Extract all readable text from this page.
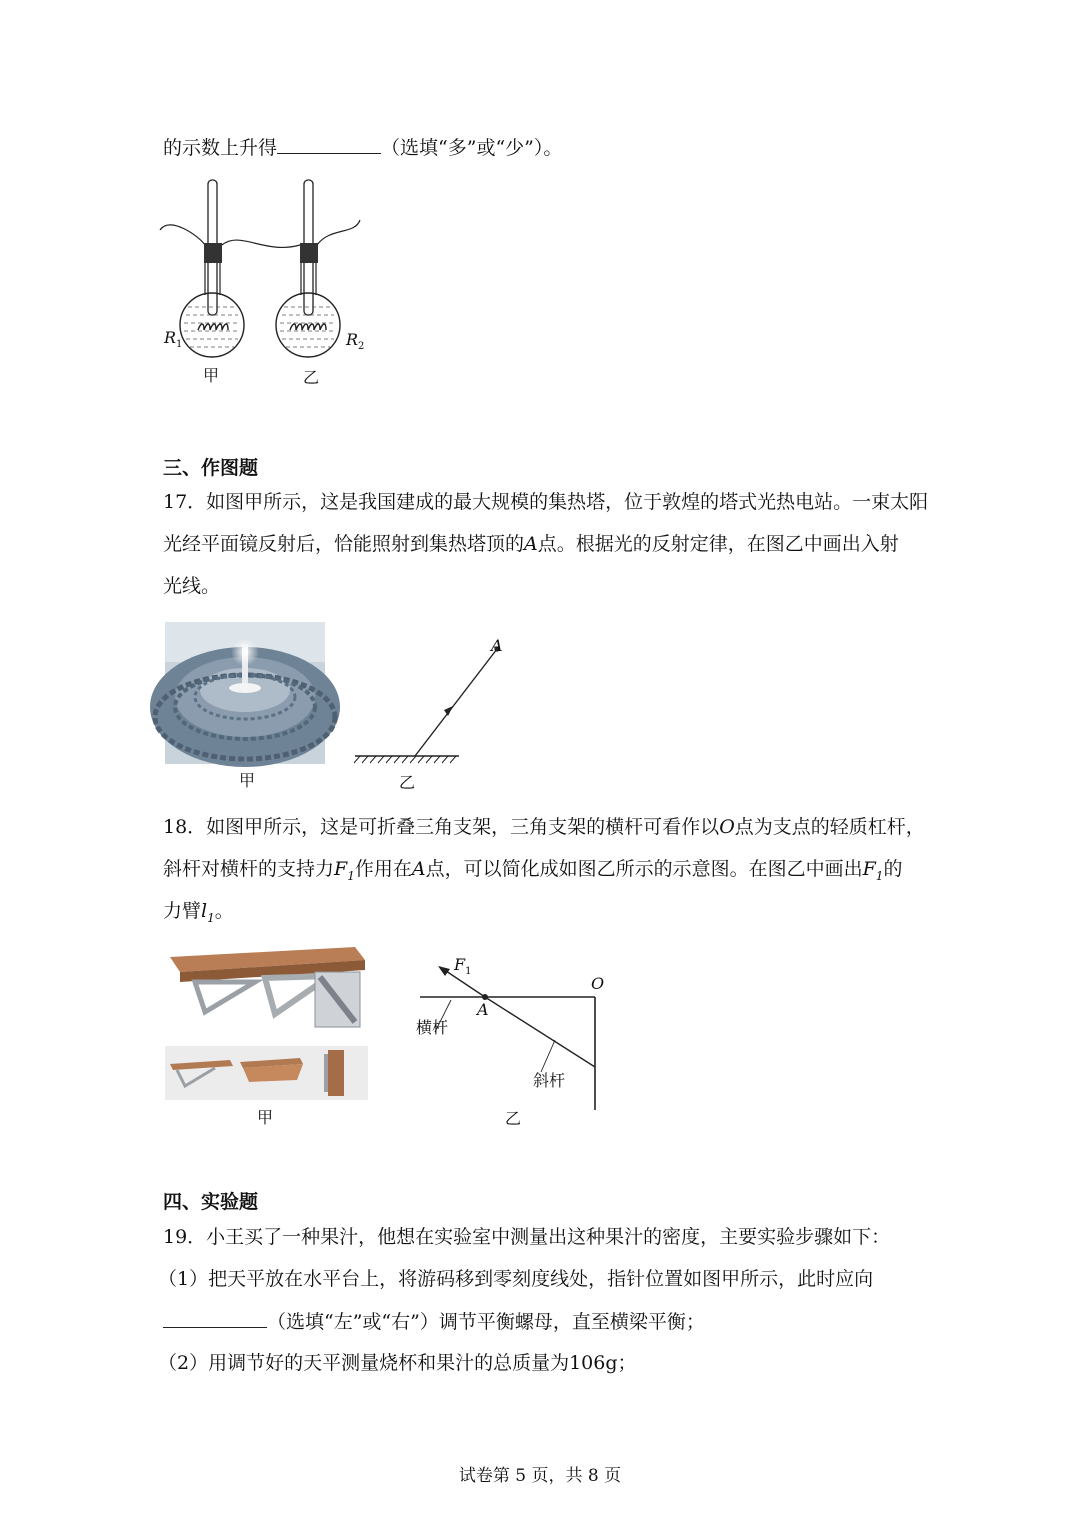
的示数上升得	（选填“多”或“少”）。
$R_1$	$R_2$
甲	乙
三、作图题
17．如图甲所示，这是我国建成的最大规模的集热塔，位于敦煌的塔式光热电站。一束太阳
光经平面镜反射后，恰能照射到集热塔顶的A点。根据光的反射定律，在图乙中画出入射
光线。
甲
A
乙
18．如图甲所示，这是可折叠三角支架，三角支架的横杆可看作以O点为支点的轻质杠杆，
斜杆对横杆的支持力$F_1$作用在A点，可以简化成如图乙所示的示意图。在图乙中画出$F_1$的
力臂$l_1$。
甲
$F_1$
O
A
横杆
斜杆
乙
四、实验题
19．小王买了一种果汁，他想在实验室中测量出这种果汁的密度，主要实验步骤如下：
（1）把天平放在水平台上，将游码移到零刻度线处，指针位置如图甲所示，此时应向
（选填“左”或“右”）调节平衡螺母，直至横梁平衡；
（2）用调节好的天平测量烧杯和果汁的总质量为106g；
试卷第 5 页，共 8 页
